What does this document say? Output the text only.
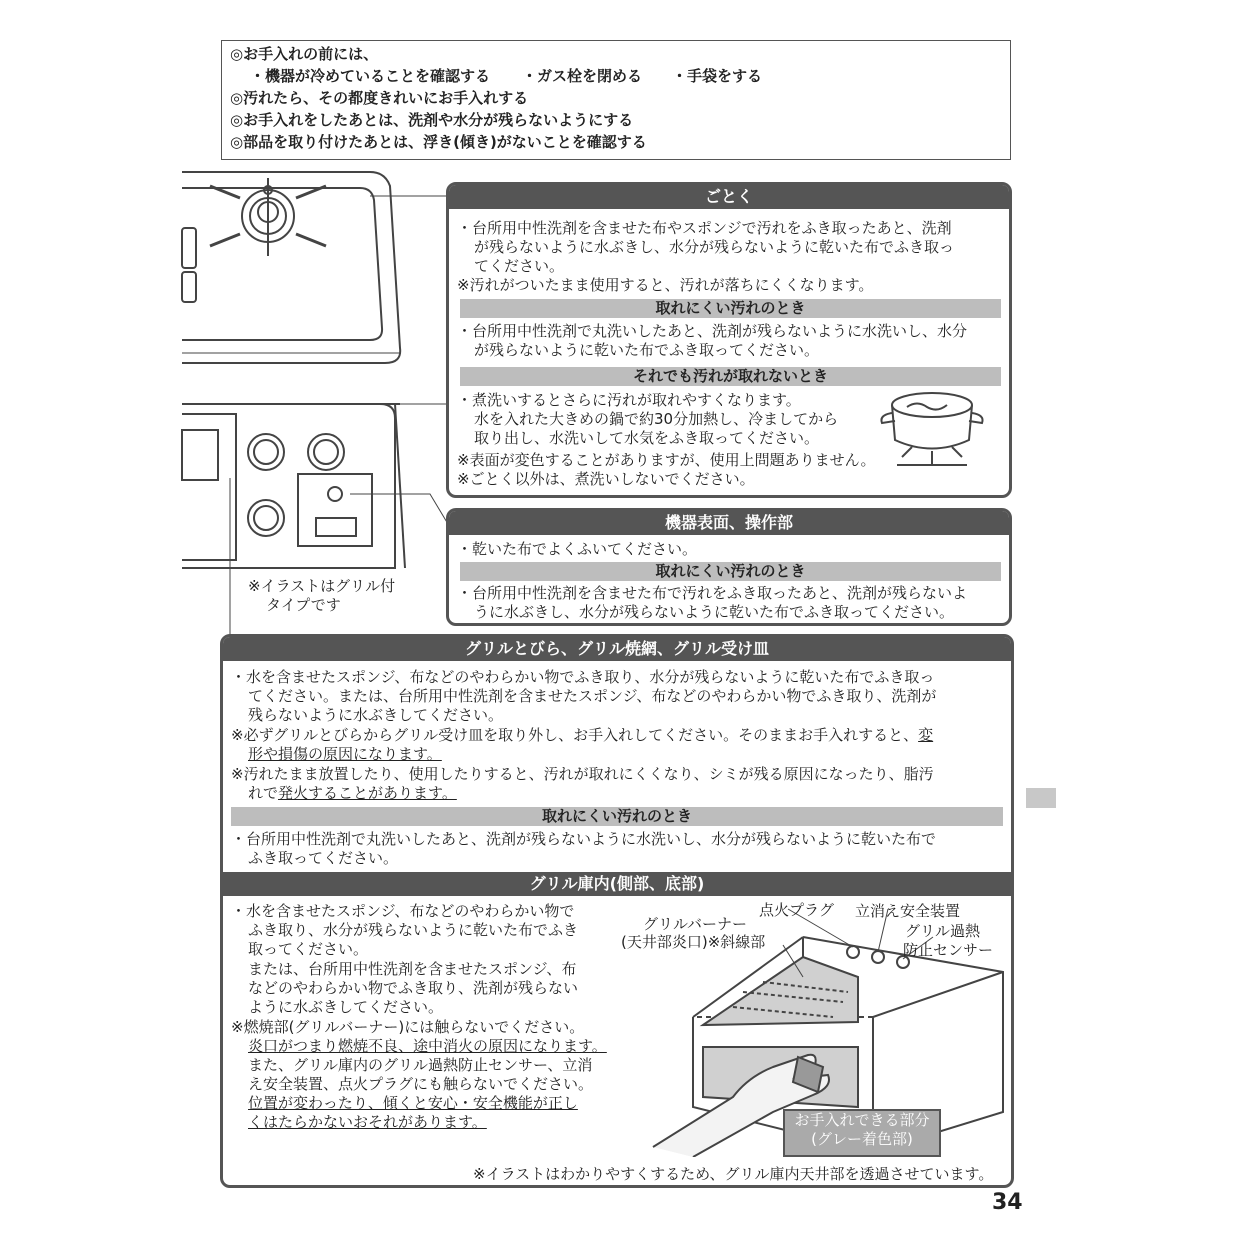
◎お手入れの前には、
・機器が冷めていることを確認する ・ガス栓を閉める ・手袋をする
◎汚れたら、その都度きれいにお手入れする
◎お手入れをしたあとは、洗剤や水分が残らないようにする
◎部品を取り付けたあとは、浮き(傾き)がないことを確認する
※イラストはグリル付
タイプです
ごとく
・台所用中性洗剤を含ませた布やスポンジで汚れをふき取ったあと、洗剤
が残らないように水ぶきし、水分が残らないように乾いた布でふき取っ
てください。
※汚れがついたまま使用すると、汚れが落ちにくくなります。
取れにくい汚れのとき
・台所用中性洗剤で丸洗いしたあと、洗剤が残らないように水洗いし、水分
が残らないように乾いた布でふき取ってください。
それでも汚れが取れないとき
・煮洗いするとさらに汚れが取れやすくなります。
水を入れた大きめの鍋で約30分加熱し、冷ましてから
取り出し、水洗いして水気をふき取ってください。
※表面が変色することがありますが、使用上問題ありません。
※ごとく以外は、煮洗いしないでください。
機器表面、操作部
・乾いた布でよくふいてください。
取れにくい汚れのとき
・台所用中性洗剤を含ませた布で汚れをふき取ったあと、洗剤が残らないよ
うに水ぶきし、水分が残らないように乾いた布でふき取ってください。
グリルとびら、グリル焼網、グリル受け皿
・水を含ませたスポンジ、布などのやわらかい物でふき取り、水分が残らないように乾いた布でふき取っ
てください。または、台所用中性洗剤を含ませたスポンジ、布などのやわらかい物でふき取り、洗剤が
残らないように水ぶきしてください。
※必ずグリルとびらからグリル受け皿を取り外し、お手入れしてください。そのままお手入れすると、変
形や損傷の原因になります。
※汚れたまま放置したり、使用したりすると、汚れが取れにくくなり、シミが残る原因になったり、脂汚
れで発火することがあります。
取れにくい汚れのとき
・台所用中性洗剤で丸洗いしたあと、洗剤が残らないように水洗いし、水分が残らないように乾いた布で
ふき取ってください。
グリル庫内(側部、底部)
・水を含ませたスポンジ、布などのやわらかい物で
ふき取り、水分が残らないように乾いた布でふき
取ってください。
または、台所用中性洗剤を含ませたスポンジ、布
などのやわらかい物でふき取り、洗剤が残らない
ように水ぶきしてください。
※燃焼部(グリルバーナー)には触らないでください。
炎口がつまり燃焼不良、途中消火の原因になります。
また、グリル庫内のグリル過熱防止センサー、立消
え安全装置、点火プラグにも触らないでください。
位置が変わったり、傾くと安心・安全機能が正し
くはたらかないおそれがあります。
点火プラグ 立消え安全装置
グリルバーナー
(天井部炎口)※斜線部
グリル過熱
防止センサー
お手入れできる部分
(グレー着色部)
※イラストはわかりやすくするため、グリル庫内天井部を透過させています。
34
